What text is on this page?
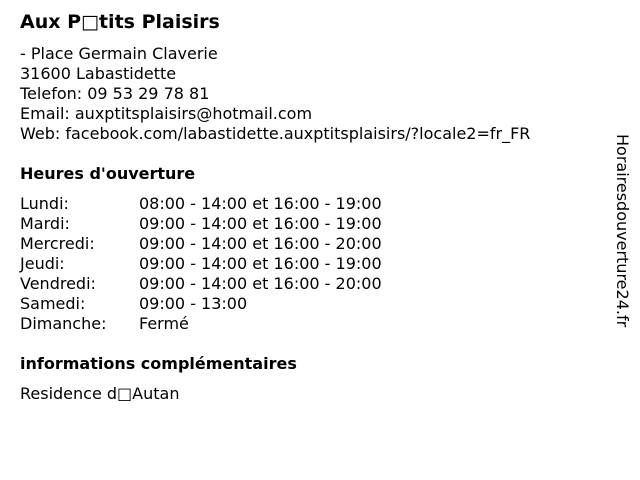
Aux P□tits Plaisirs
- Place Germain Claverie
31600 Labastidette
Telefon: 09 53 29 78 81
Email: auxptitsplaisirs@hotmail.com
Web: facebook.com/labastidette.auxptitsplaisirs/?locale2=fr_FR
Heures d'ouverture
Lundi:	08:00 - 14:00 et 16:00 - 19:00
Mardi:	09:00 - 14:00 et 16:00 - 19:00
Mercredi:	09:00 - 14:00 et 16:00 - 20:00
Jeudi:	09:00 - 14:00 et 16:00 - 19:00
Vendredi:	09:00 - 14:00 et 16:00 - 20:00
Samedi:	09:00 - 13:00
Dimanche: Fermé
informations complémentaires
Residence d□Autan
Horairesdouverture24.fr
